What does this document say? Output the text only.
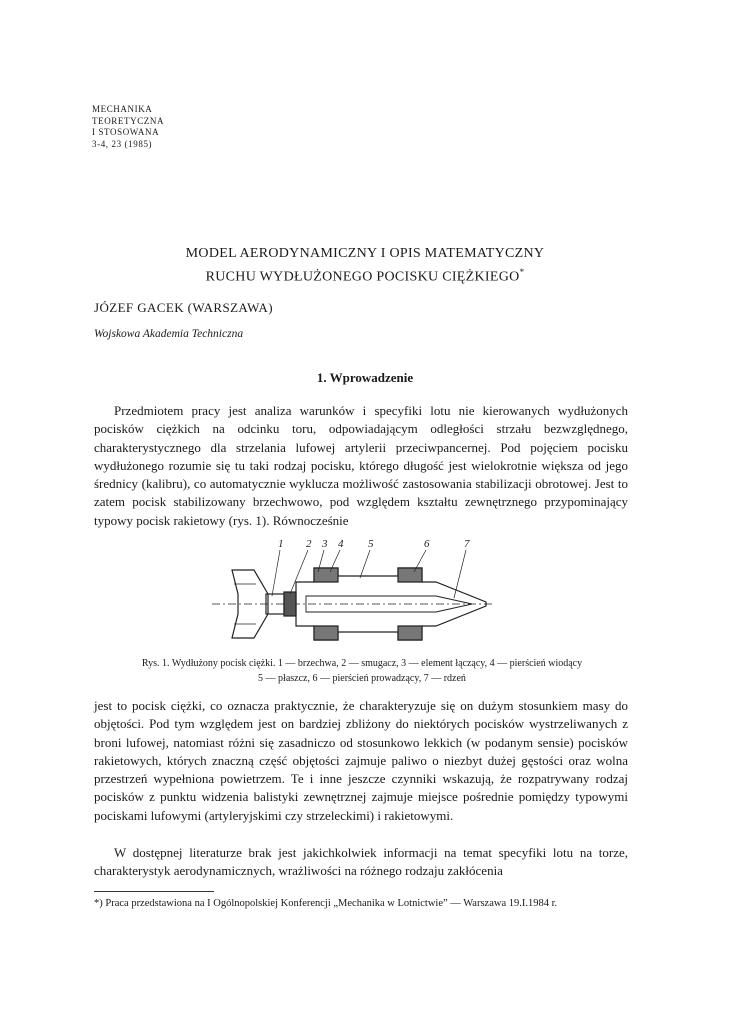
MECHANIKA
TEORETYCZNA
I STOSOWANA
3-4, 23 (1985)
MODEL AERODYNAMICZNY I OPIS MATEMATYCZNY
RUCHU WYDŁUŻONEGO POCISKU CIĘŻKIEGO*
JÓZEF GACEK (WARSZAWA)
Wojskowa Akademia Techniczna
1. Wprowadzenie

Przedmiotem pracy jest analiza warunków i specyfiki lotu nie kierowanych wydłużonych pocisków ciężkich na odcinku toru, odpowiadającym odległości strzału bezwzględnego, charakterystycznego dla strzelania lufowej artylerii przeciwpancernej. Pod pojęciem pocisku wydłużonego rozumie się tu taki rodzaj pocisku, którego długość jest wielokrotnie większa od jego średnicy (kalibru), co automatycznie wyklucza możliwość zastosowania stabilizacji obrotowej. Jest to zatem pocisk stabilizowany brzechwowo, pod względem kształtu zewnętrznego przypominający typowy pocisk rakietowy (rys. 1). Równocześnie

1 2 3 4 5	6	7
Rys. 1. Wydłużony pocisk ciężki. 1 — brzechwa, 2 — smugacz, 3 — element łączący, 4 — pierścień wiodący
5 — płaszcz, 6 — pierścień prowadzący, 7 — rdzeń

jest to pocisk ciężki, co oznacza praktycznie, że charakteryzuje się on dużym stosunkiem masy do objętości. Pod tym względem jest on bardziej zbliżony do niektórych pocisków wystrzeliwanych z broni lufowej, natomiast różni się zasadniczo od stosunkowo lekkich (w podanym sensie) pocisków rakietowych, których znaczną część objętości zajmuje paliwo o niezbyt dużej gęstości oraz wolna przestrzeń wypełniona powietrzem. Te i inne jeszcze czynniki wskazują, że rozpatrywany rodzaj pocisków z punktu widzenia balistyki zewnętrznej zajmuje miejsce pośrednie pomiędzy typowymi pociskami lufowymi (artyleryjskimi czy strzeleckimi) i rakietowymi.

W dostępnej literaturze brak jest jakichkolwiek informacji na temat specyfiki lotu na torze, charakterystyk aerodynamicznych, wrażliwości na różnego rodzaju zakłócenia

*) Praca przedstawiona na I Ogólnopolskiej Konferencji „Mechanika w Lotnictwie” — Warszawa 19.I.1984 r.
